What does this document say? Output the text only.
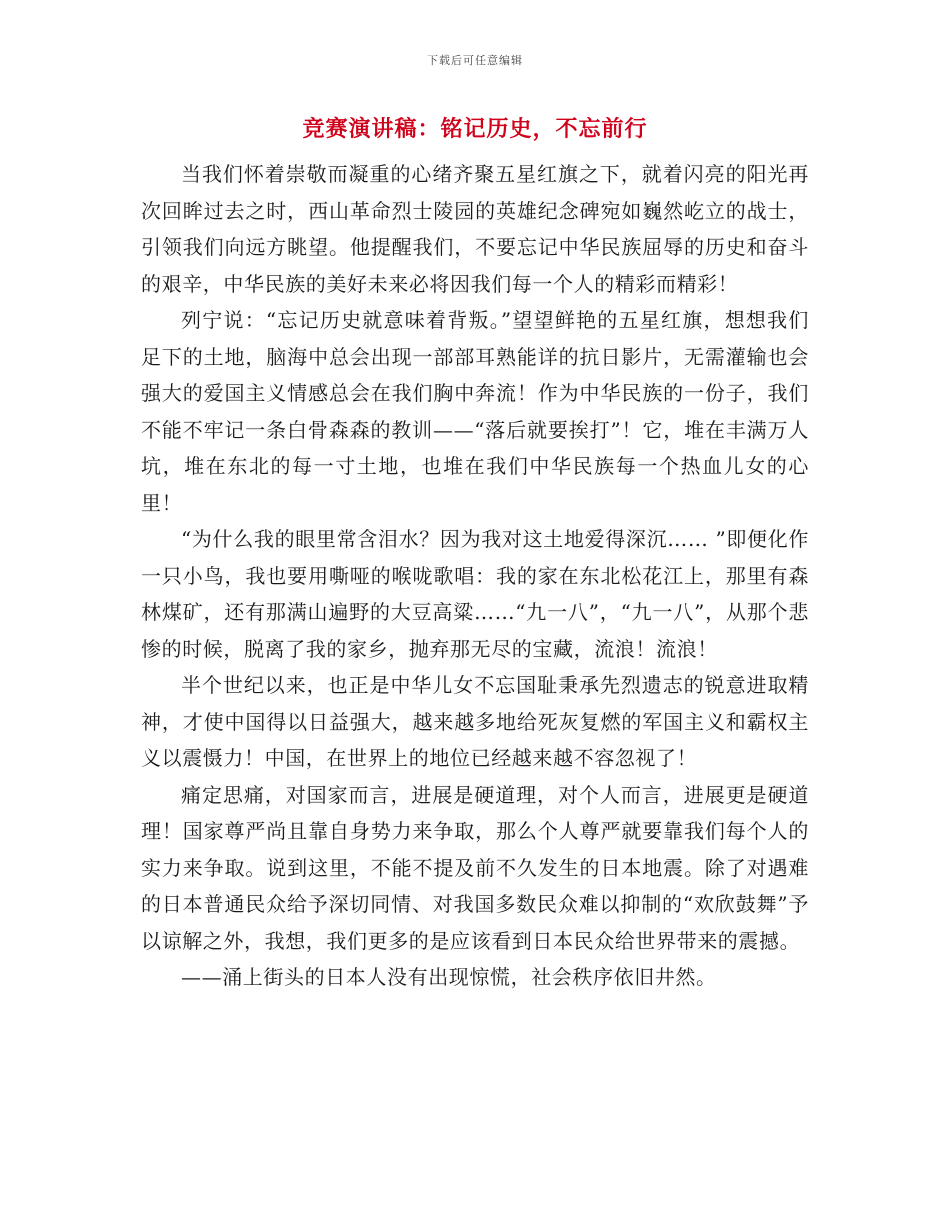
下载后可任意编辑
竞赛演讲稿：铭记历史，不忘前行

当我们怀着崇敬而凝重的心绪齐聚五星红旗之下，就着闪亮的阳光再次回眸过去之时，西山革命烈士陵园的英雄纪念碑宛如巍然屹立的战士，引领我们向远方眺望。他提醒我们，不要忘记中华民族屈辱的历史和奋斗的艰辛，中华民族的美好未来必将因我们每一个人的精彩而精彩！

列宁说：“忘记历史就意味着背叛。”望望鲜艳的五星红旗，想想我们足下的土地，脑海中总会出现一部部耳熟能详的抗日影片，无需灌输也会强大的爱国主义情感总会在我们胸中奔流！作为中华民族的一份子，我们不能不牢记一条白骨森森的教训——“落后就要挨打”！它，堆在丰满万人坑，堆在东北的每一寸土地，也堆在我们中华民族每一个热血儿女的心里！

“为什么我的眼里常含泪水？因为我对这土地爱得深沉…… ”即便化作一只小鸟，我也要用嘶哑的喉咙歌唱：我的家在东北松花江上，那里有森林煤矿，还有那满山遍野的大豆高粱……“九一八”，“九一八”，从那个悲惨的时候，脱离了我的家乡，抛弃那无尽的宝藏，流浪！流浪！

半个世纪以来，也正是中华儿女不忘国耻秉承先烈遗志的锐意进取精神，才使中国得以日益强大，越来越多地给死灰复燃的军国主义和霸权主义以震慑力！中国，在世界上的地位已经越来越不容忽视了！

痛定思痛，对国家而言，进展是硬道理，对个人而言，进展更是硬道理！国家尊严尚且靠自身势力来争取，那么个人尊严就要靠我们每个人的实力来争取。说到这里，不能不提及前不久发生的日本地震。除了对遇难的日本普通民众给予深切同情、对我国多数民众难以抑制的“欢欣鼓舞”予以谅解之外，我想，我们更多的是应该看到日本民众给世界带来的震撼。

——涌上街头的日本人没有出现惊慌，社会秩序依旧井然。
